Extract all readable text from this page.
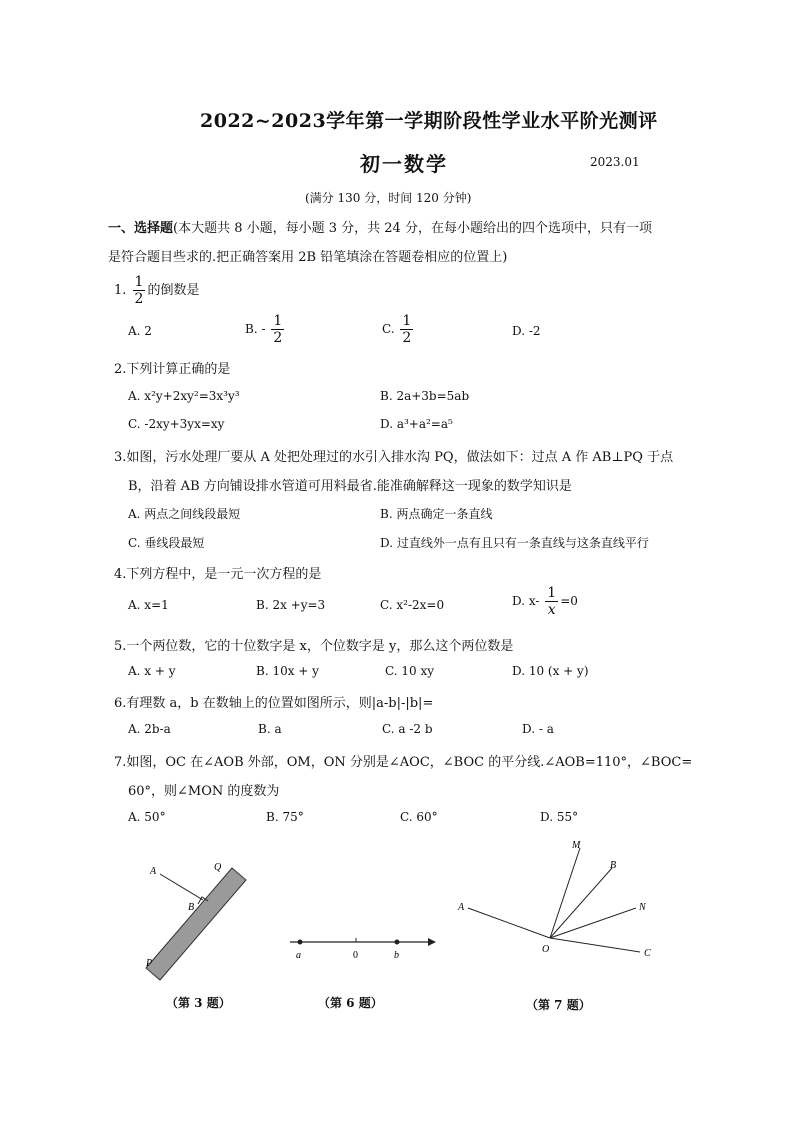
2022~2023学年第一学期阶段性学业水平阶光测评
初一数学	2023.01
(满分 130 分，时间 120 分钟)
一、选择题(本大题共 8 小题，每小题 3 分，共 24 分，在每小题给出的四个选项中，只有一项
是符合题目些求的.把正确答案用 2B 铅笔填涂在答题卷相应的位置上)
1. $\frac{1}{2}$ 的倒数是
A. 2	B. - $\frac{1}{2}$	C. $\frac{1}{2}$	D. -2
2.下列计算正确的是
A. x²y+2xy²=3x³y³	B. 2a+3b=5ab
C. -2xy+3yx=xy	D. a³+a²=a⁵
3.如图，污水处理厂要从 A 处把处理过的水引入排水沟 PQ，做法如下：过点 A 作 AB⊥PQ 于点
B，沿着 AB 方向铺设排水管道可用料最省.能准确解释这一现象的数学知识是
A. 两点之间线段最短	B. 两点确定一条直线
C. 垂线段最短	D. 过直线外一点有且只有一条直线与这条直线平行
4.下列方程中，是一元一次方程的是
A. x=1	B. 2x +y=3	C. x²-2x=0	D. $x- \frac{1}{x} =0$
5.一个两位数，它的十位数字是 x，个位数字是 y，那么这个两位数是
A. x + y	B. 10x + y	C. 10 xy	D. 10 (x + y)
6.有理数 a，b 在数轴上的位置如图所示，则|a-b|-|b|=
A. 2b-a	B. a	C. a -2 b	D. - a
7.如图，OC 在∠AOB 外部，OM，ON 分别是∠AOC，∠BOC 的平分线.∠AOB=110°，∠BOC=
60°，则∠MON 的度数为
A. 50°	B. 75°	C. 60°	D. 55°
A
B
Q
P
（第 3 题）
a	0	b
（第 6 题）
M
B
N
A
O	C
（第 7 题）
